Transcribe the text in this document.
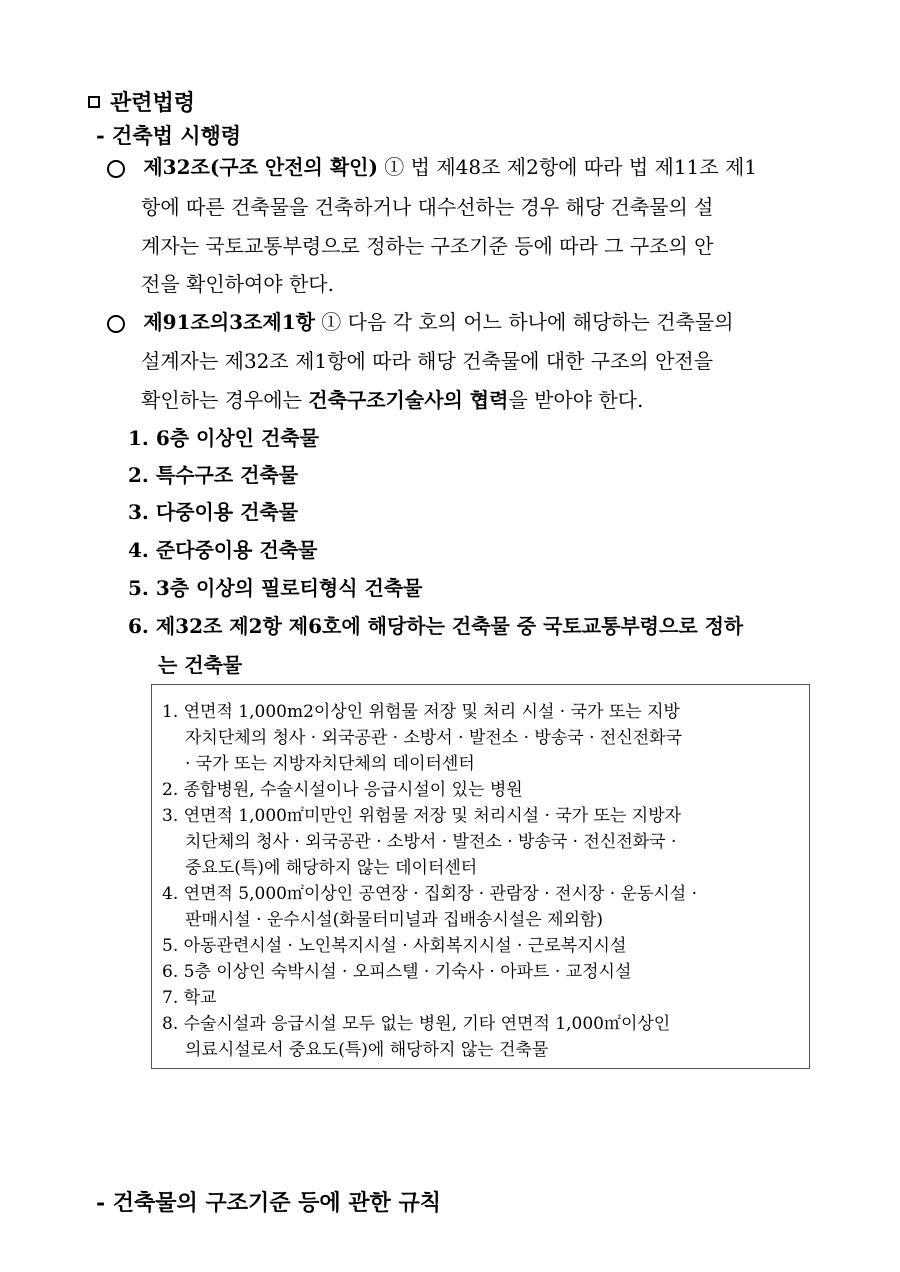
관련법령
- 건축법 시행령
제32조(구조 안전의 확인) ① 법 제48조 제2항에 따라 법 제11조 제1
항에 따른 건축물을 건축하거나 대수선하는 경우 해당 건축물의 설
계자는 국토교통부령으로 정하는 구조기준 등에 따라 그 구조의 안
전을 확인하여야 한다.
제91조의3조제1항 ① 다음 각 호의 어느 하나에 해당하는 건축물의
설계자는 제32조 제1항에 따라 해당 건축물에 대한 구조의 안전을
확인하는 경우에는 건축구조기술사의 협력을 받아야 한다.
1. 6층 이상인 건축물
2. 특수구조 건축물
3. 다중이용 건축물
4. 준다중이용 건축물
5. 3층 이상의 필로티형식 건축물
6. 제32조 제2항 제6호에 해당하는 건축물 중 국토교통부령으로 정하
는 건축물
1. 연면적 1,000m2이상인 위험물 저장 및 처리 시설 · 국가 또는 지방
자치단체의 청사 · 외국공관 · 소방서 · 발전소 · 방송국 · 전신전화국
· 국가 또는 지방자치단체의 데이터센터
2. 종합병원, 수술시설이나 응급시설이 있는 병원
3. 연면적 1,000㎡미만인 위험물 저장 및 처리시설 · 국가 또는 지방자
치단체의 청사 · 외국공관 · 소방서 · 발전소 · 방송국 · 전신전화국 ·
중요도(특)에 해당하지 않는 데이터센터
4. 연면적 5,000㎡이상인 공연장 · 집회장 · 관람장 · 전시장 · 운동시설 ·
판매시설 · 운수시설(화물터미널과 집배송시설은 제외함)
5. 아동관련시설 · 노인복지시설 · 사회복지시설 · 근로복지시설
6. 5층 이상인 숙박시설 · 오피스텔 · 기숙사 · 아파트 · 교정시설
7. 학교
8. 수술시설과 응급시설 모두 없는 병원, 기타 연면적 1,000㎡이상인
의료시설로서 중요도(특)에 해당하지 않는 건축물
- 건축물의 구조기준 등에 관한 규칙
